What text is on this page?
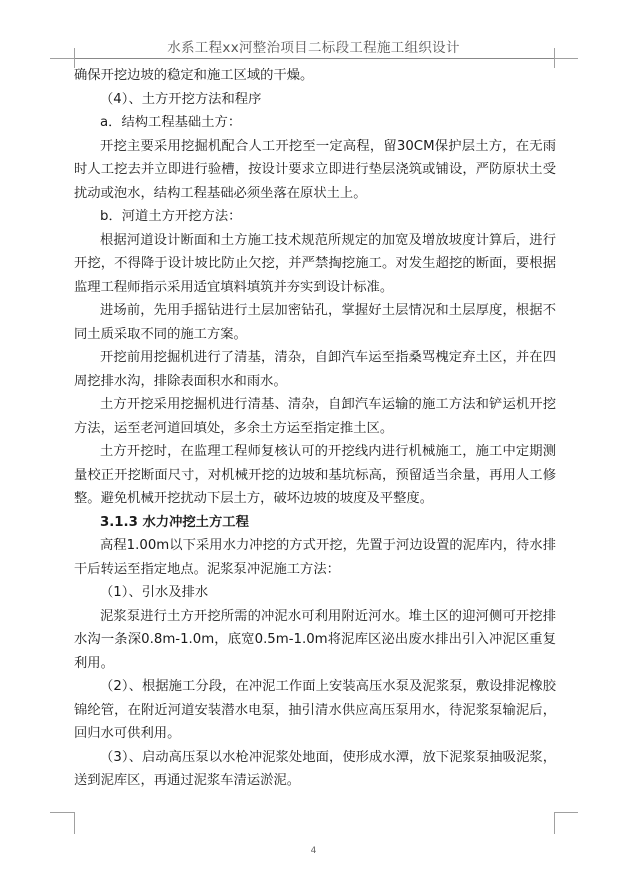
水系工程xx河整治项目二标段工程施工组织设计

确保开挖边坡的稳定和施工区域的干燥。

（4）、土方开挖方法和程序

a．结构工程基础土方：

开挖主要采用挖掘机配合人工开挖至一定高程，留30CM保护层土方，在无雨时人工挖去并立即进行验槽，按设计要求立即进行垫层浇筑或铺设，严防原状土受扰动或泡水，结构工程基础必须坐落在原状土上。

b．河道土方开挖方法：

根据河道设计断面和土方施工技术规范所规定的加宽及增放坡度计算后，进行开挖，不得降于设计坡比防止欠挖，并严禁掏挖施工。对发生超挖的断面，要根据监理工程师指示采用适宜填料填筑并夯实到设计标准。

进场前，先用手摇钻进行土层加密钻孔，掌握好土层情况和土层厚度，根据不同土质采取不同的施工方案。

开挖前用挖掘机进行了清基，清杂，自卸汽车运至指桑骂槐定弃土区，并在四周挖排水沟，排除表面积水和雨水。

土方开挖采用挖掘机进行清基、清杂，自卸汽车运输的施工方法和铲运机开挖方法，运至老河道回填处，多余土方运至指定推土区。

土方开挖时，在监理工程师复核认可的开挖线内进行机械施工，施工中定期测量校正开挖断面尺寸，对机械开挖的边坡和基坑标高，预留适当余量，再用人工修整。避免机械开挖扰动下层土方，破坏边坡的坡度及平整度。

3.1.3 水力冲挖土方工程

高程1.00m以下采用水力冲挖的方式开挖，先置于河边设置的泥库内，待水排干后转运至指定地点。泥浆泵冲泥施工方法：

（1）、引水及排水

泥浆泵进行土方开挖所需的冲泥水可利用附近河水。堆土区的迎河侧可开挖排水沟一条深0.8m-1.0m，底宽0.5m-1.0m将泥库区泌出废水排出引入冲泥区重复利用。

（2）、根据施工分段，在冲泥工作面上安装高压水泵及泥浆泵，敷设排泥橡胶锦纶管，在附近河道安装潜水电泵，抽引清水供应高压泵用水，待泥浆泵输泥后，回归水可供利用。

（3）、启动高压泵以水枪冲泥浆处地面，使形成水潭，放下泥浆泵抽吸泥浆，送到泥库区，再通过泥浆车清运淤泥。

4
